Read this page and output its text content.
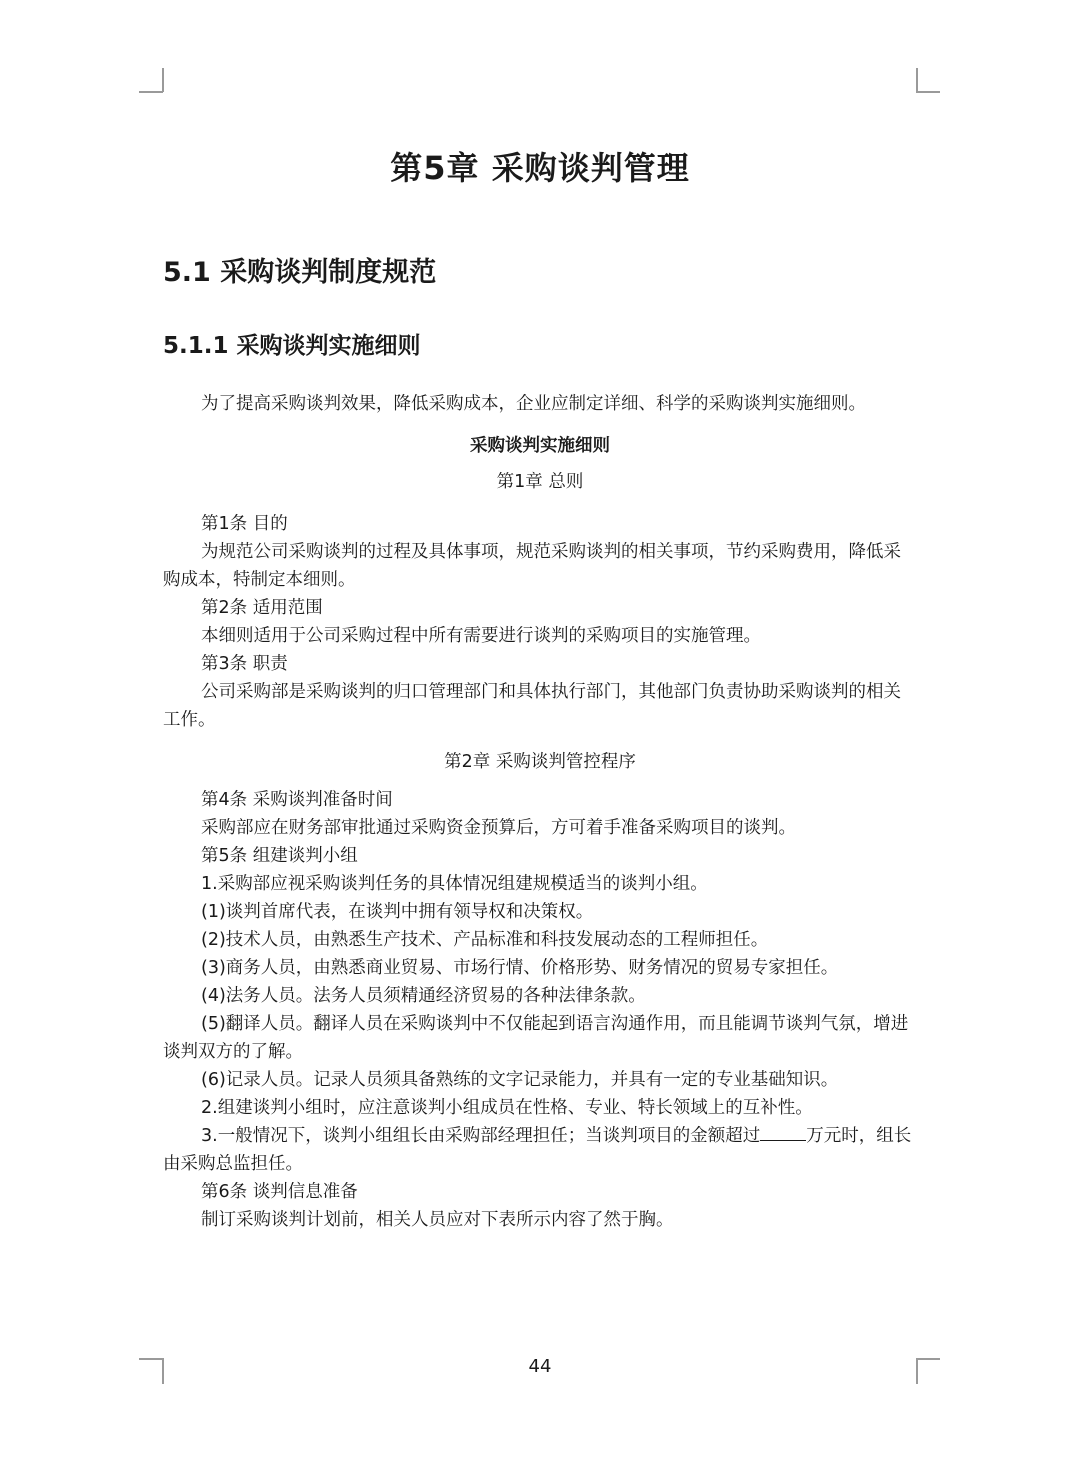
第5章 采购谈判管理
5.1 采购谈判制度规范
5.1.1 采购谈判实施细则

为了提高采购谈判效果，降低采购成本，企业应制定详细、科学的采购谈判实施细则。

采购谈判实施细则

第1章 总则

第1条 目的

为规范公司采购谈判的过程及具体事项，规范采购谈判的相关事项，节约采购费用，降低采购成本，特制定本细则。

第2条 适用范围

本细则适用于公司采购过程中所有需要进行谈判的采购项目的实施管理。

第3条 职责

公司采购部是采购谈判的归口管理部门和具体执行部门，其他部门负责协助采购谈判的相关工作。

第2章 采购谈判管控程序

第4条 采购谈判准备时间

采购部应在财务部审批通过采购资金预算后，方可着手准备采购项目的谈判。

第5条 组建谈判小组

1.采购部应视采购谈判任务的具体情况组建规模适当的谈判小组。

(1)谈判首席代表，在谈判中拥有领导权和决策权。

(2)技术人员，由熟悉生产技术、产品标准和科技发展动态的工程师担任。

(3)商务人员，由熟悉商业贸易、市场行情、价格形势、财务情况的贸易专家担任。

(4)法务人员。法务人员须精通经济贸易的各种法律条款。

(5)翻译人员。翻译人员在采购谈判中不仅能起到语言沟通作用，而且能调节谈判气氛，增进谈判双方的了解。

(6)记录人员。记录人员须具备熟练的文字记录能力，并具有一定的专业基础知识。

2.组建谈判小组时，应注意谈判小组成员在性格、专业、特长领域上的互补性。

3.一般情况下，谈判小组组长由采购部经理担任；当谈判项目的金额超过	万元时，组长由采购总监担任。

第6条 谈判信息准备

制订采购谈判计划前，相关人员应对下表所示内容了然于胸。

44
